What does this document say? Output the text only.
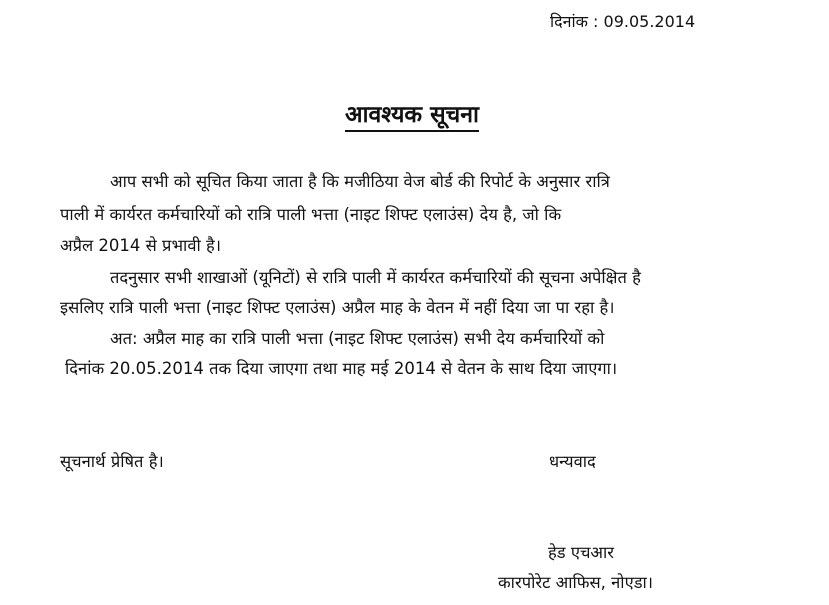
दिनांक : 09.05.2014
आवश्यक सूचना
आप सभी को सूचित किया जाता है कि मजीठिया वेज बोर्ड की रिपोर्ट के अनुसार रात्रि
पाली में कार्यरत कर्मचारियों को रात्रि पाली भत्ता (नाइट शिफ्ट एलाउंस) देय है, जो कि
अप्रैल 2014 से प्रभावी है।
तदनुसार सभी शाखाओं (यूनिटों) से रात्रि पाली में कार्यरत कर्मचारियों की सूचना अपेक्षित है
इसलिए रात्रि पाली भत्ता (नाइट शिफ्ट एलाउंस) अप्रैल माह के वेतन में नहीं दिया जा पा रहा है।
अत: अप्रैल माह का रात्रि पाली भत्ता (नाइट शिफ्ट एलाउंस) सभी देय कर्मचारियों को
दिनांक 20.05.2014 तक दिया जाएगा तथा माह मई 2014 से वेतन के साथ दिया जाएगा।
सूचनार्थ प्रेषित है।	धन्यवाद
हेड एचआर
कारपोरेट आफिस, नोएडा।
